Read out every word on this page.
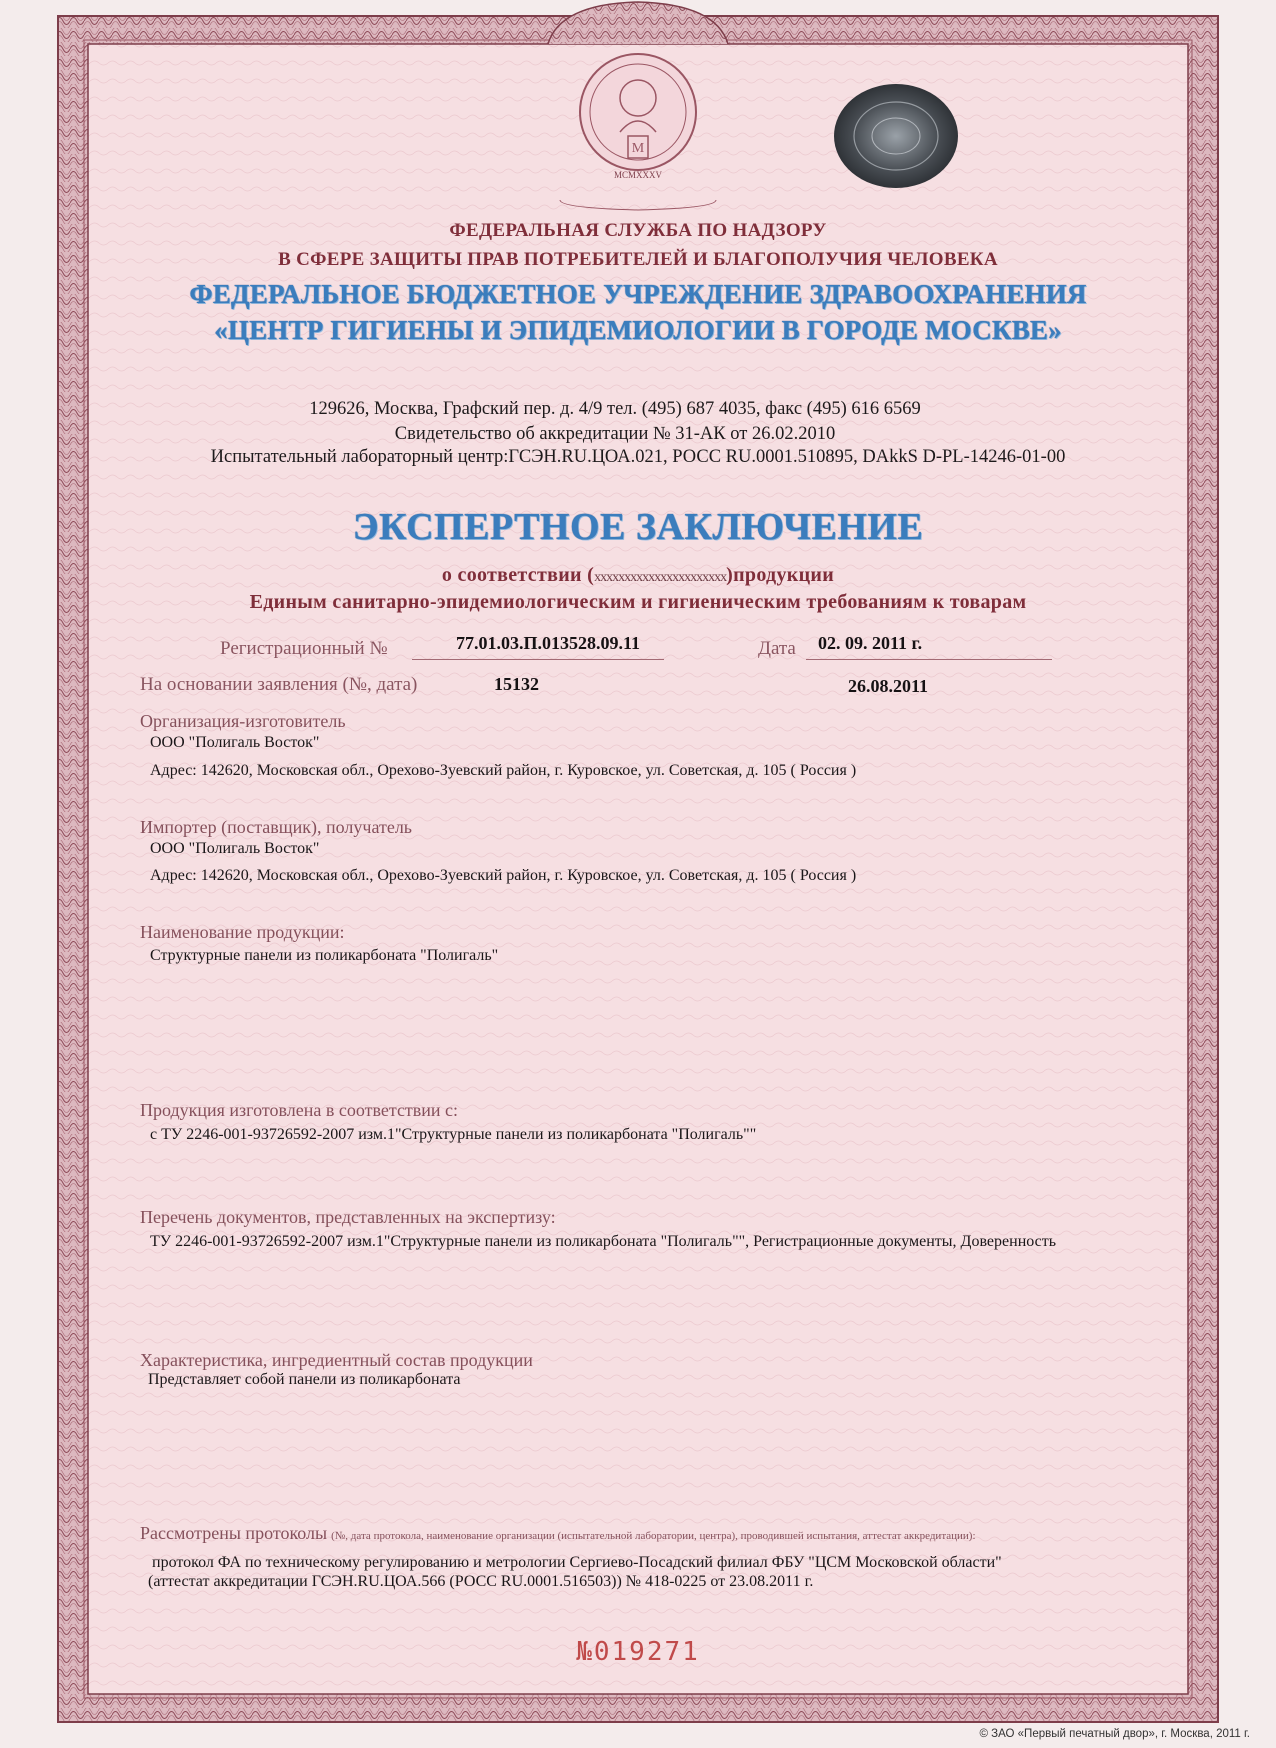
М
MCMXXXV
ФЕДЕРАЛЬНАЯ СЛУЖБА ПО НАДЗОРУ
В СФЕРЕ ЗАЩИТЫ ПРАВ ПОТРЕБИТЕЛЕЙ И БЛАГОПОЛУЧИЯ ЧЕЛОВЕКА
ФЕДЕРАЛЬНОЕ БЮДЖЕТНОЕ УЧРЕЖДЕНИЕ ЗДРАВООХРАНЕНИЯ
«ЦЕНТР ГИГИЕНЫ И ЭПИДЕМИОЛОГИИ В ГОРОДЕ МОСКВЕ»
129626, Москва, Графский пер. д. 4/9 тел. (495) 687 4035, факс (495) 616 6569
Свидетельство об аккредитации № 31-АК от 26.02.2010
Испытательный лабораторный центр:ГСЭН.RU.ЦОА.021, РОСС RU.0001.510895, DAkkS D-PL-14246-01-00
ЭКСПЕРТНОЕ ЗАКЛЮЧЕНИЕ
о соответствии (xxxxxxxxxxxxxxxxxxxxxx)продукции
Единым санитарно-эпидемиологическим и гигиеническим требованиям к товарам
Регистрационный №	77.01.03.П.013528.09.11	Дата 02. 09. 2011 г.
На основании заявления (№, дата)	15132	26.08.2011
Организация-изготовитель
ООО "Полигаль Восток"
Адрес: 142620, Московская обл., Орехово-Зуевский район, г. Куровское, ул. Советская, д. 105 ( Россия )
Импортер (поставщик), получатель
ООО "Полигаль Восток"
Адрес: 142620, Московская обл., Орехово-Зуевский район, г. Куровское, ул. Советская, д. 105 ( Россия )
Наименование продукции:
Структурные панели из поликарбоната "Полигаль"
Продукция изготовлена в соответствии с:
с ТУ 2246-001-93726592-2007 изм.1"Структурные панели из поликарбоната "Полигаль""
Перечень документов, представленных на экспертизу:
ТУ 2246-001-93726592-2007 изм.1"Структурные панели из поликарбоната "Полигаль"", Регистрационные документы, Доверенность
Характеристика, ингредиентный состав продукции
Представляет собой панели из поликарбоната
Рассмотрены протоколы (№, дата протокола, наименование организации (испытательной лаборатории, центра), проводившей испытания, аттестат аккредитации):
протокол ФА по техническому регулированию и метрологии Сергиево-Посадский филиал ФБУ "ЦСМ Московской области"
(аттестат аккредитации ГСЭН.RU.ЦОА.566 (РОСС RU.0001.516503)) № 418-0225 от 23.08.2011 г.
№019271
© ЗАО «Первый печатный двор», г. Москва, 2011 г.
